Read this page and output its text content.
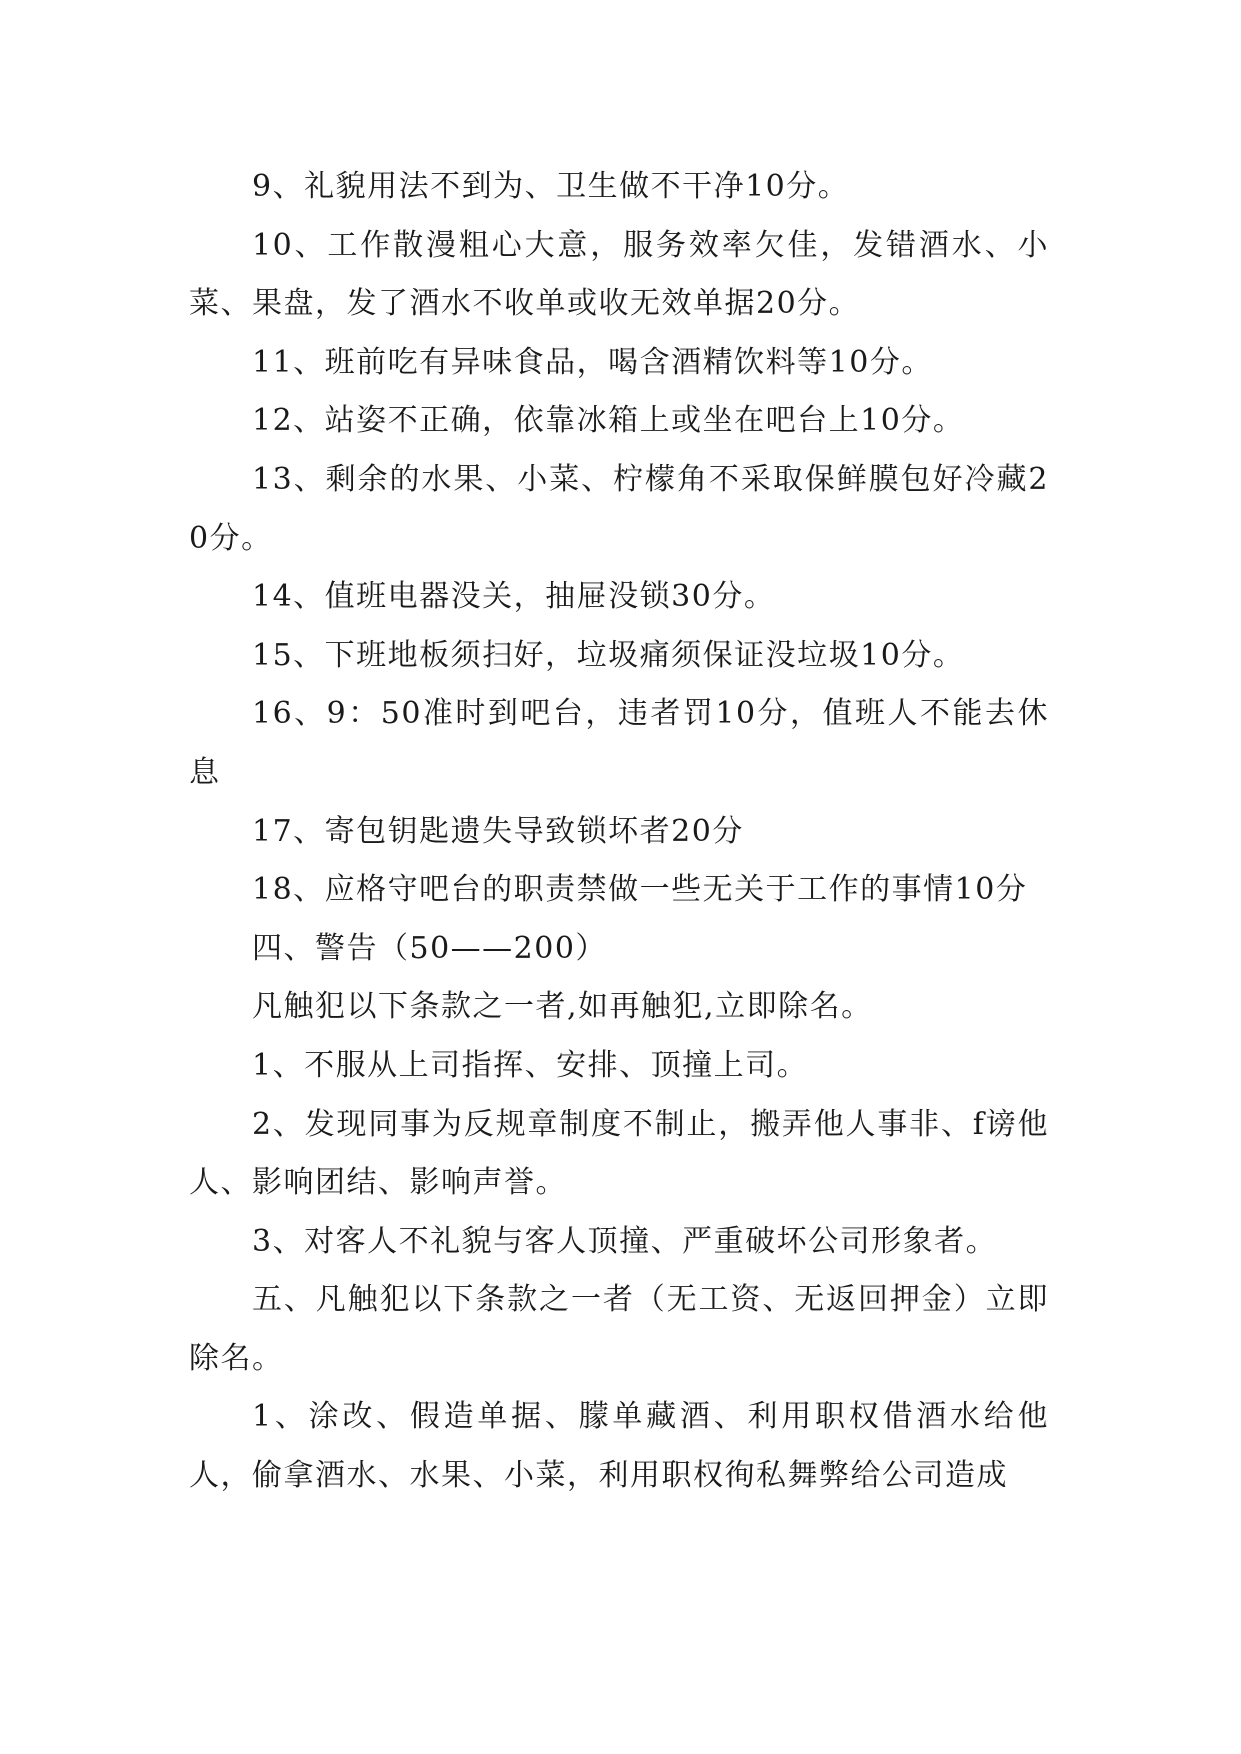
9、礼貌用法不到为、卫生做不干净10分。

10、工作散漫粗心大意，服务效率欠佳，发错酒水、小菜、果盘，发了酒水不收单或收无效单据20分。

11、班前吃有异味食品，喝含酒精饮料等10分。

12、站姿不正确，依靠冰箱上或坐在吧台上10分。

13、剩余的水果、小菜、柠檬角不采取保鲜膜包好冷藏20分。

14、值班电器没关，抽屉没锁30分。

15、下班地板须扫好，垃圾痛须保证没垃圾10分。

16、9：50准时到吧台，违者罚10分，值班人不能去休息

17、寄包钥匙遗失导致锁坏者20分

18、应格守吧台的职责禁做一些无关于工作的事情10分

四、警告（50——200）

凡触犯以下条款之一者,如再触犯,立即除名。

1、不服从上司指挥、安排、顶撞上司。

2、发现同事为反规章制度不制止，搬弄他人事非、f谤他人、影响团结、影响声誉。

3、对客人不礼貌与客人顶撞、严重破坏公司形象者。

五、凡触犯以下条款之一者（无工资、无返回押金）立即除名。

1、涂改、假造单据、朦单藏酒、利用职权借酒水给他人，偷拿酒水、水果、小菜，利用职权徇私舞弊给公司造成
